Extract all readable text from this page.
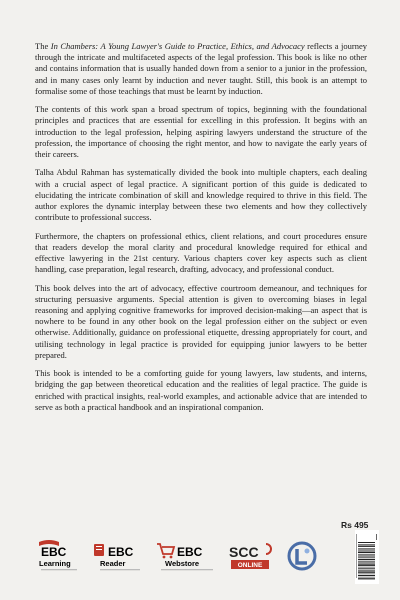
The In Chambers: A Young Lawyer's Guide to Practice, Ethics, and Advocacy reflects a journey through the intricate and multifaceted aspects of the legal profession. This book is like no other and contains information that is usually handed down from a senior to a junior in the profession, and in many cases only learnt by induction and never taught. Still, this book is an attempt to formalise some of those teachings that must be learnt by induction.

The contents of this work span a broad spectrum of topics, beginning with the foundational principles and practices that are essential for excelling in this profession. It begins with an introduction to the legal profession, helping aspiring lawyers understand the structure of the profession, the importance of choosing the right mentor, and how to navigate the early years of their careers.

Talha Abdul Rahman has systematically divided the book into multiple chapters, each dealing with a crucial aspect of legal practice. A significant portion of this guide is dedicated to elucidating the intricate combination of skill and knowledge required to thrive in this field. The author explores the dynamic interplay between these two elements and how they collectively contribute to professional success.

Furthermore, the chapters on professional ethics, client relations, and court procedures ensure that readers develop the moral clarity and procedural knowledge required for ethical and effective lawyering in the 21st century. Various chapters cover key aspects such as client handling, case preparation, legal research, drafting, advocacy, and professional conduct.

This book delves into the art of advocacy, effective courtroom demeanour, and techniques for structuring persuasive arguments. Special attention is given to overcoming biases in legal reasoning and applying cognitive frameworks for improved decision-making—an aspect that is nowhere to be found in any other book on the legal profession either on the subject or even otherwise. Additionally, guidance on professional etiquette, dressing appropriately for court, and utilising technology in legal practice is provided for equipping junior lawyers to be better prepared.

This book is intended to be a comforting guide for young lawyers, law students, and interns, bridging the gap between theoretical education and the realities of legal practice. The guide is enriched with practical insights, real-world examples, and actionable advice that are intended to serve as both a practical handbook and an inspirational companion.

Rs 495
EBC
Learning
EBC
Reader
EBC
Webstore
SCC
ONLINE
